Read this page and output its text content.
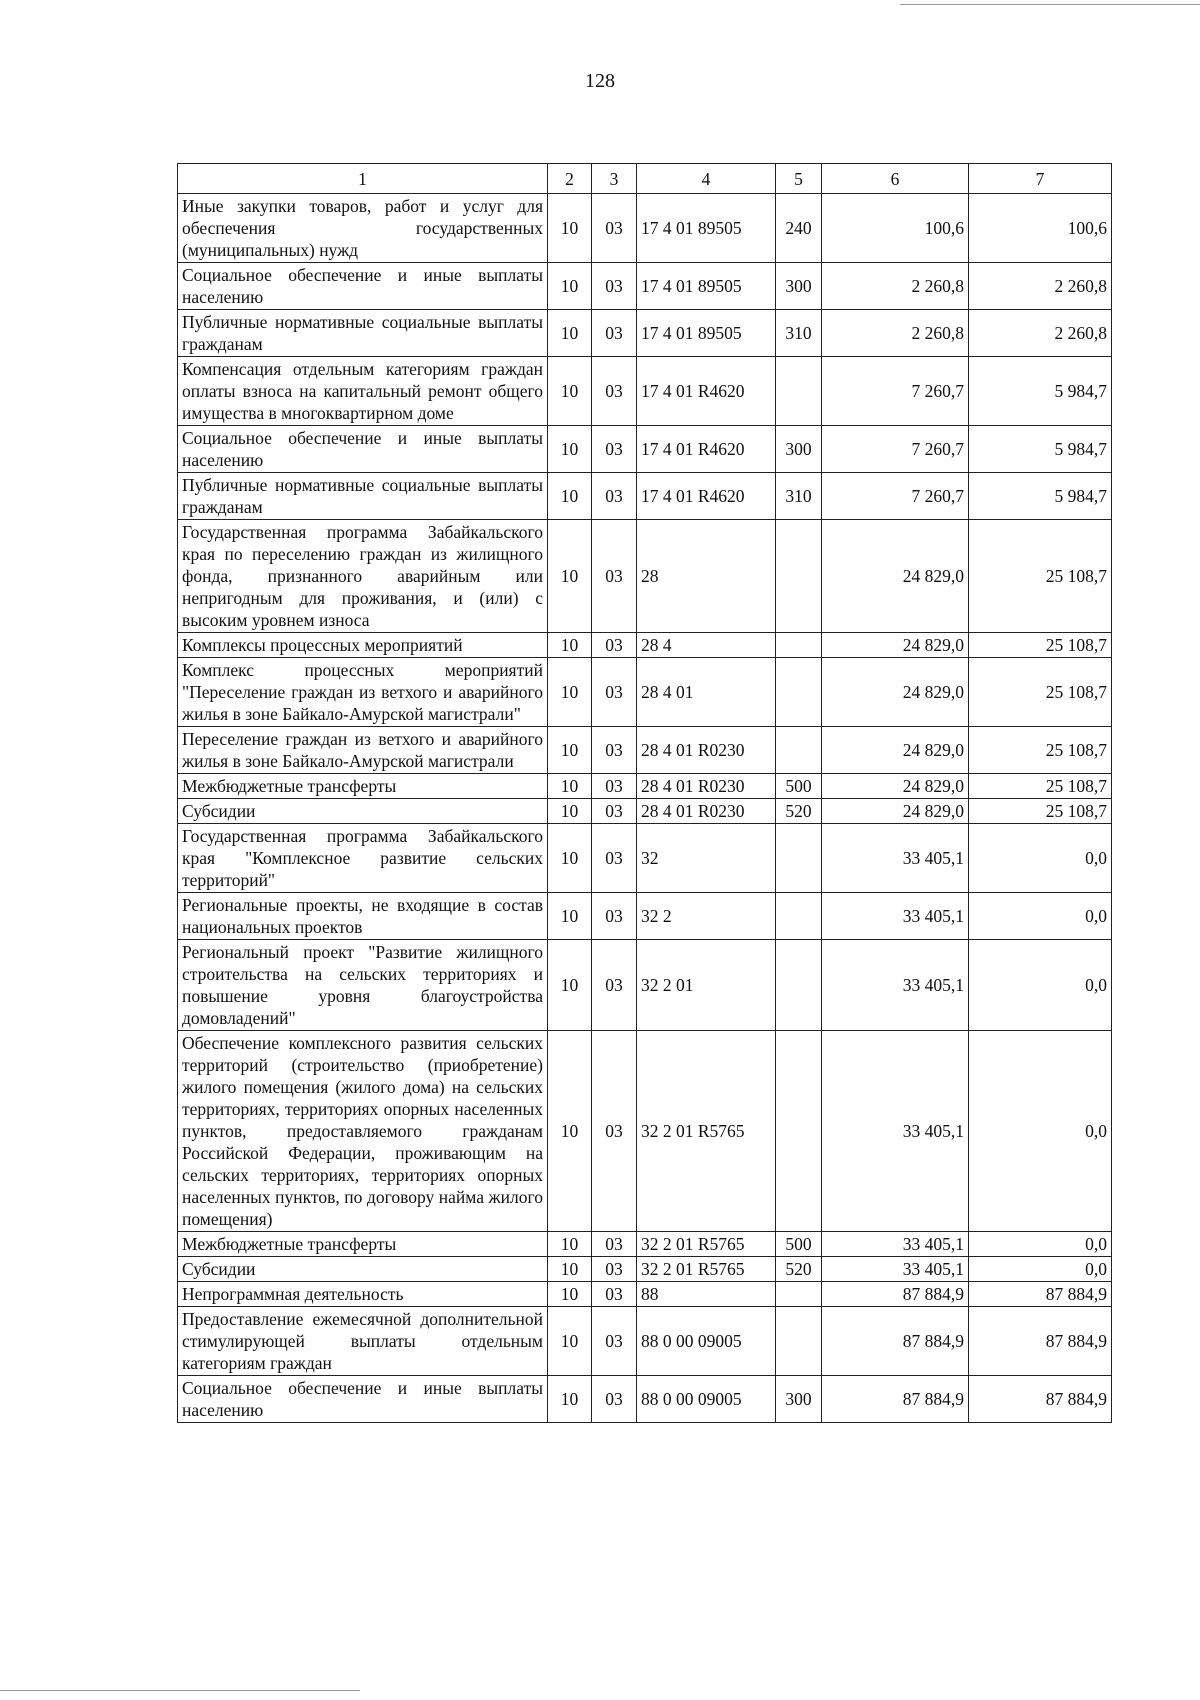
128
1	2	3	4	5	6	7
Иные закупки товаров, работ и услуг для обеспечения государственных (муниципальных) нужд	10	03	17 4 01 89505	240	100,6	100,6
Социальное обеспечение и иные выплаты населению	10	03	17 4 01 89505	300	2 260,8	2 260,8
Публичные нормативные социальные выплаты гражданам	10	03	17 4 01 89505	310	2 260,8	2 260,8
Компенсация отдельным категориям граждан оплаты взноса на капитальный ремонт общего имущества в многоквартирном доме	10	03	17 4 01 R4620		7 260,7	5 984,7
Социальное обеспечение и иные выплаты населению	10	03	17 4 01 R4620	300	7 260,7	5 984,7
Публичные нормативные социальные выплаты гражданам	10	03	17 4 01 R4620	310	7 260,7	5 984,7
Государственная программа Забайкальского края по переселению граждан из жилищного фонда, признанного аварийным или непригодным для проживания, и (или) с высоким уровнем износа	10	03	28		24 829,0	25 108,7
Комплексы процессных мероприятий	10	03	28 4		24 829,0	25 108,7
Комплекс процессных мероприятий "Переселение граждан из ветхого и аварийного жилья в зоне Байкало-Амурской магистрали"	10	03	28 4 01		24 829,0	25 108,7
Переселение граждан из ветхого и аварийного жилья в зоне Байкало-Амурской магистрали	10	03	28 4 01 R0230		24 829,0	25 108,7
Межбюджетные трансферты	10	03	28 4 01 R0230	500	24 829,0	25 108,7
Субсидии	10	03	28 4 01 R0230	520	24 829,0	25 108,7
Государственная программа Забайкальского края "Комплексное развитие сельских территорий"	10	03	32		33 405,1	0,0
Региональные проекты, не входящие в состав национальных проектов	10	03	32 2		33 405,1	0,0
Региональный проект "Развитие жилищного строительства на сельских территориях и повышение уровня благоустройства домовладений"	10	03	32 2 01		33 405,1	0,0
Обеспечение комплексного развития сельских территорий (строительство (приобретение) жилого помещения (жилого дома) на сельских территориях, территориях опорных населенных пунктов, предоставляемого гражданам Российской Федерации, проживающим на сельских территориях, территориях опорных населенных пунктов, по договору найма жилого помещения)	10	03	32 2 01 R5765		33 405,1	0,0
Межбюджетные трансферты	10	03	32 2 01 R5765	500	33 405,1	0,0
Субсидии	10	03	32 2 01 R5765	520	33 405,1	0,0
Непрограммная деятельность	10	03	88		87 884,9	87 884,9
Предоставление ежемесячной дополнительной стимулирующей выплаты отдельным категориям граждан	10	03	88 0 00 09005		87 884,9	87 884,9
Социальное обеспечение и иные выплаты населению	10	03	88 0 00 09005	300	87 884,9	87 884,9
